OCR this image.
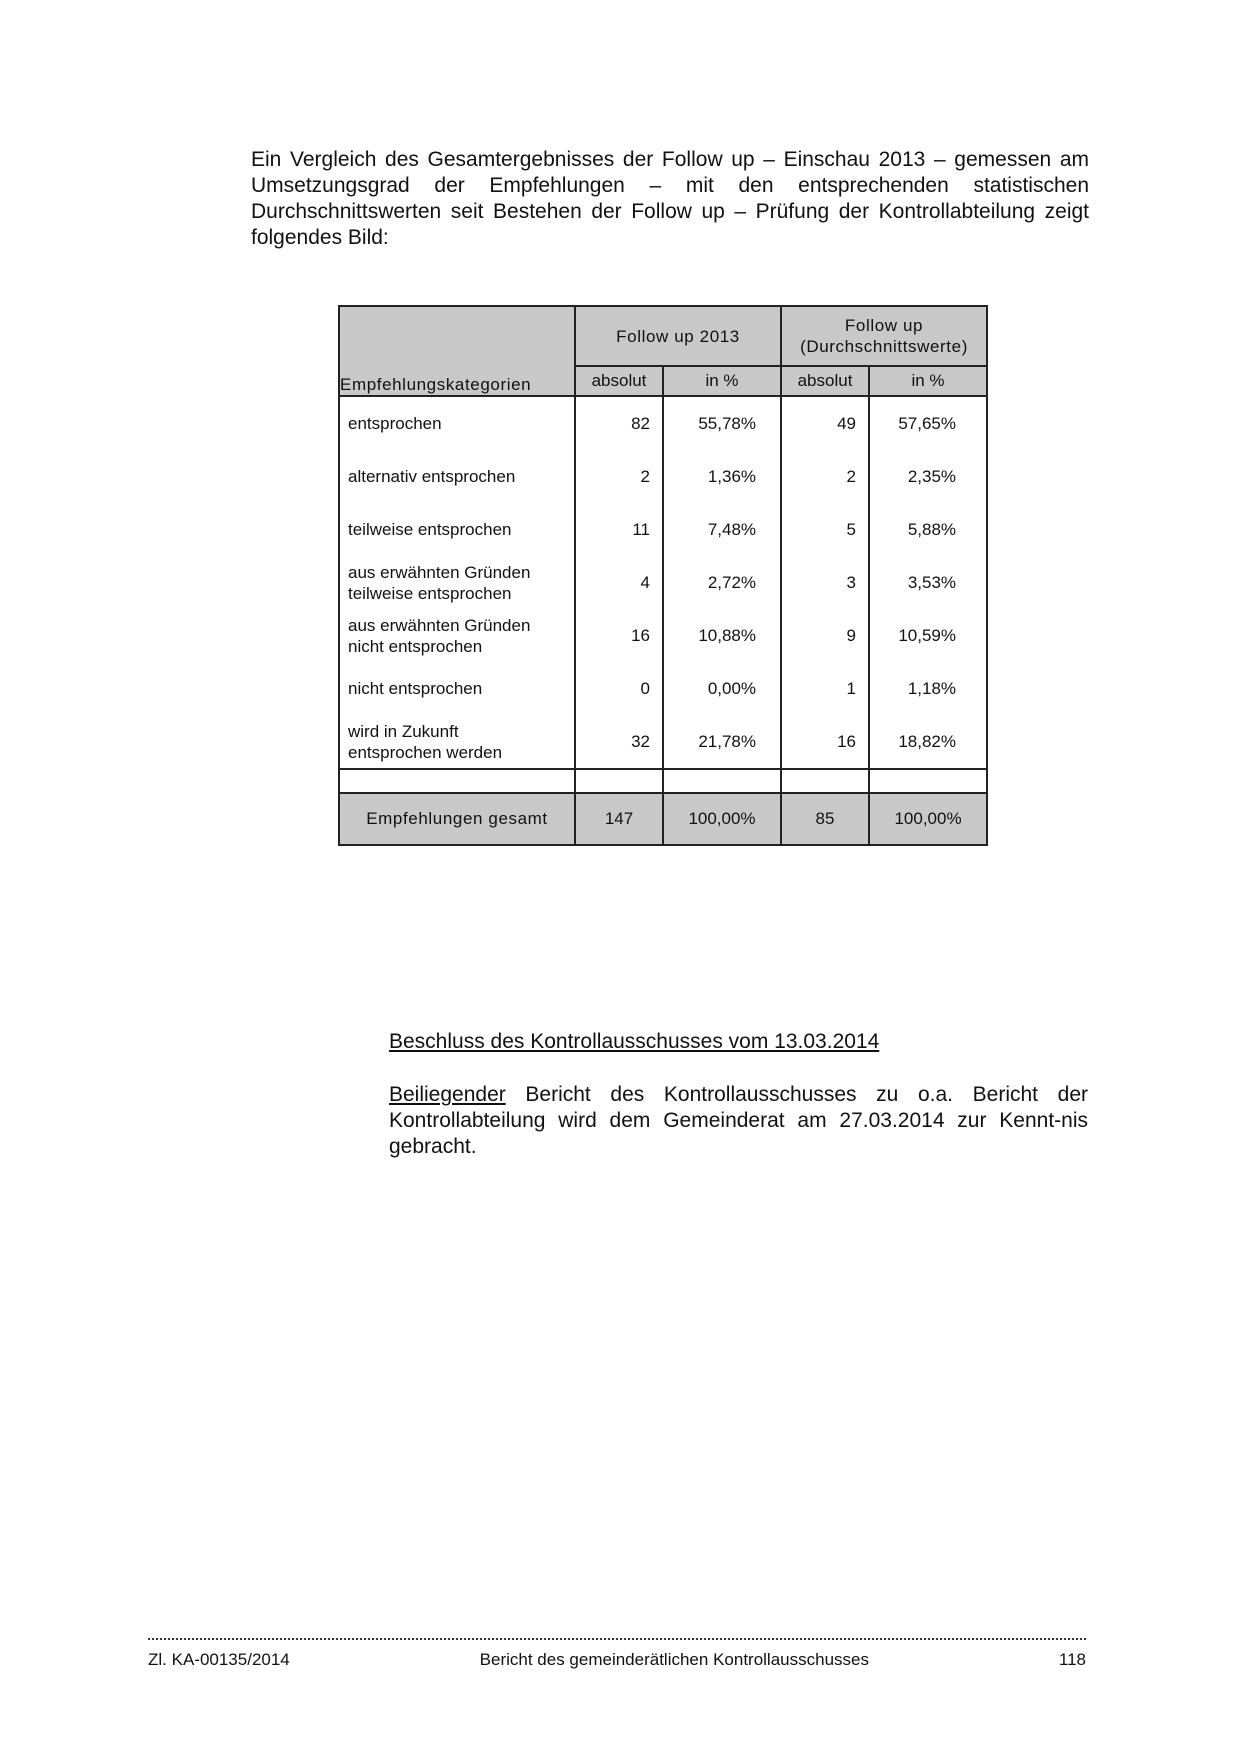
Ein Vergleich des Gesamtergebnisses der Follow up – Einschau 2013 – gemessen am Umsetzungsgrad der Empfehlungen – mit den entsprechenden statistischen Durchschnittswerten seit Bestehen der Follow up – Prüfung der Kontrollabteilung zeigt folgendes Bild:

Empfehlungskategorien	Follow up 2013		Follow up
(Durchschnittswerte)	

	absolut	in %	absolut	in %

entsprochen	82	55,78%	49	57,65%

alternativ entsprochen	2	1,36%	2	2,35%

teilweise entsprochen	11	7,48%	5	5,88%

aus erwähnten Gründen
teilweise entsprochen	4	2,72%	3	3,53%

aus erwähnten Gründen
nicht entsprochen	16	10,88%	9	10,59%

nicht entsprochen	0	0,00%	1	1,18%

wird in Zukunft
entsprochen werden	32	21,78%	16	18,82%

Empfehlungen gesamt	147	100,00%	85	100,00%

Beschluss des Kontrollausschusses vom 13.03.2014

Beiliegender Bericht des Kontrollausschusses zu o.a. Bericht der Kontrollabteilung wird dem Gemeinderat am 27.03.2014 zur Kennt-nis gebracht.

Zl. KA-00135/2014	Bericht des gemeinderätlichen Kontrollausschusses	118
